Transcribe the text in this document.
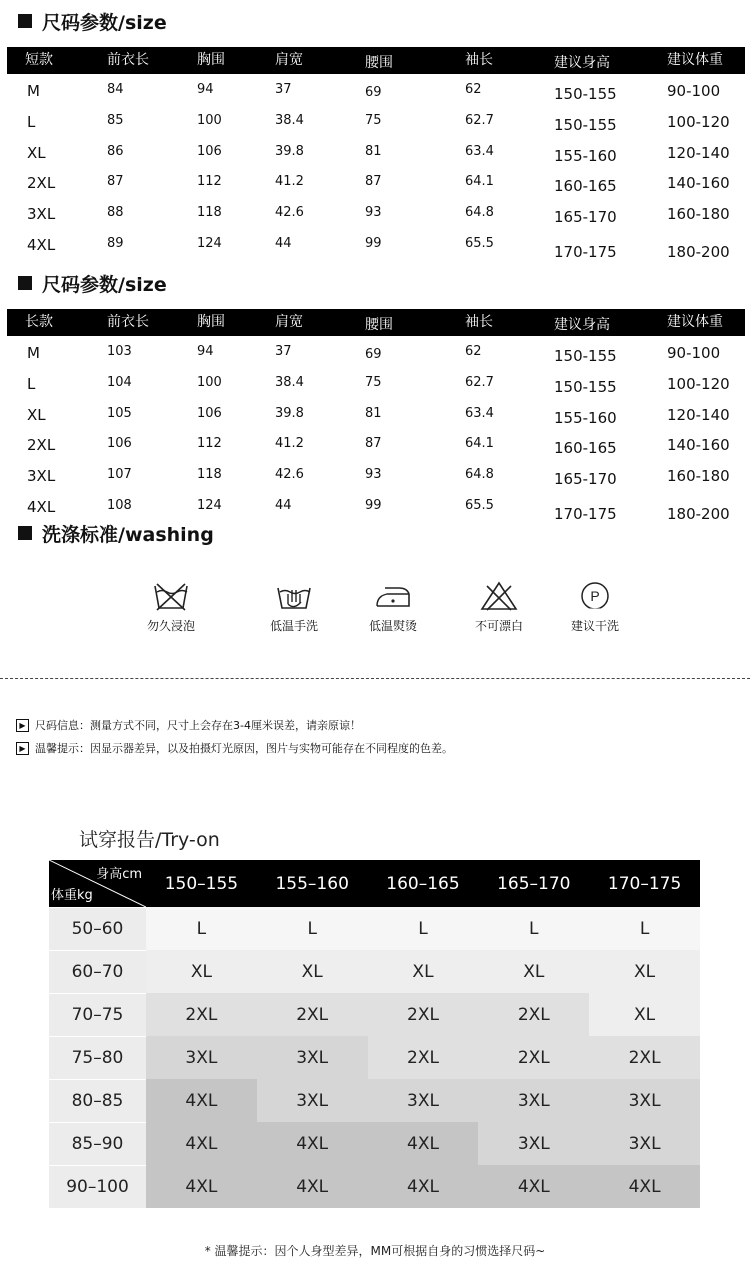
尺码参数/size
短款	前衣长	胸围	肩宽	腰围	袖长	建议身高	建议体重
M	84	94	37	69	62	150-155	90-100
L	85	100	38.4	75	62.7	150-155	100-120
XL	86	106	39.8	81	63.4	155-160	120-140
2XL	87	112	41.2	87	64.1	160-165	140-160
3XL	88	118	42.6	93	64.8	165-170	160-180
4XL	89	124	44	99	65.5	170-175	180-200
尺码参数/size
长款	前衣长	胸围	肩宽	腰围	袖长	建议身高	建议体重
M	103	94	37	69	62	150-155	90-100
L	104	100	38.4	75	62.7	150-155	100-120
XL	105	106	39.8	81	63.4	155-160	120-140
2XL	106	112	41.2	87	64.1	160-165	140-160
3XL	107	118	42.6	93	64.8	165-170	160-180
4XL	108	124	44	99	65.5	170-175	180-200
洗涤标准/washing
勿久浸泡	低温手洗	低温熨烫	不可漂白
P
建议干洗
▶ 尺码信息：测量方式不同，尺寸上会存在3-4厘米误差，请亲原谅！
▶ 温馨提示：因显示器差异，以及拍摄灯光原因，图片与实物可能存在不同程度的色差。
试穿报告/Try-on
身高cm
体重kg
150–155	155–160	160–165	165–170	170–175
50–60	L	L	L	L	L
60–70	XL	XL	XL	XL	XL
70–75	2XL	2XL	2XL	2XL	XL
75–80	3XL	3XL	2XL	2XL	2XL
80–85	4XL	3XL	3XL	3XL	3XL
85–90	4XL	4XL	4XL	3XL	3XL
90–100	4XL	4XL	4XL	4XL	4XL
* 温馨提示：因个人身型差异，MM可根据自身的习惯选择尺码~
